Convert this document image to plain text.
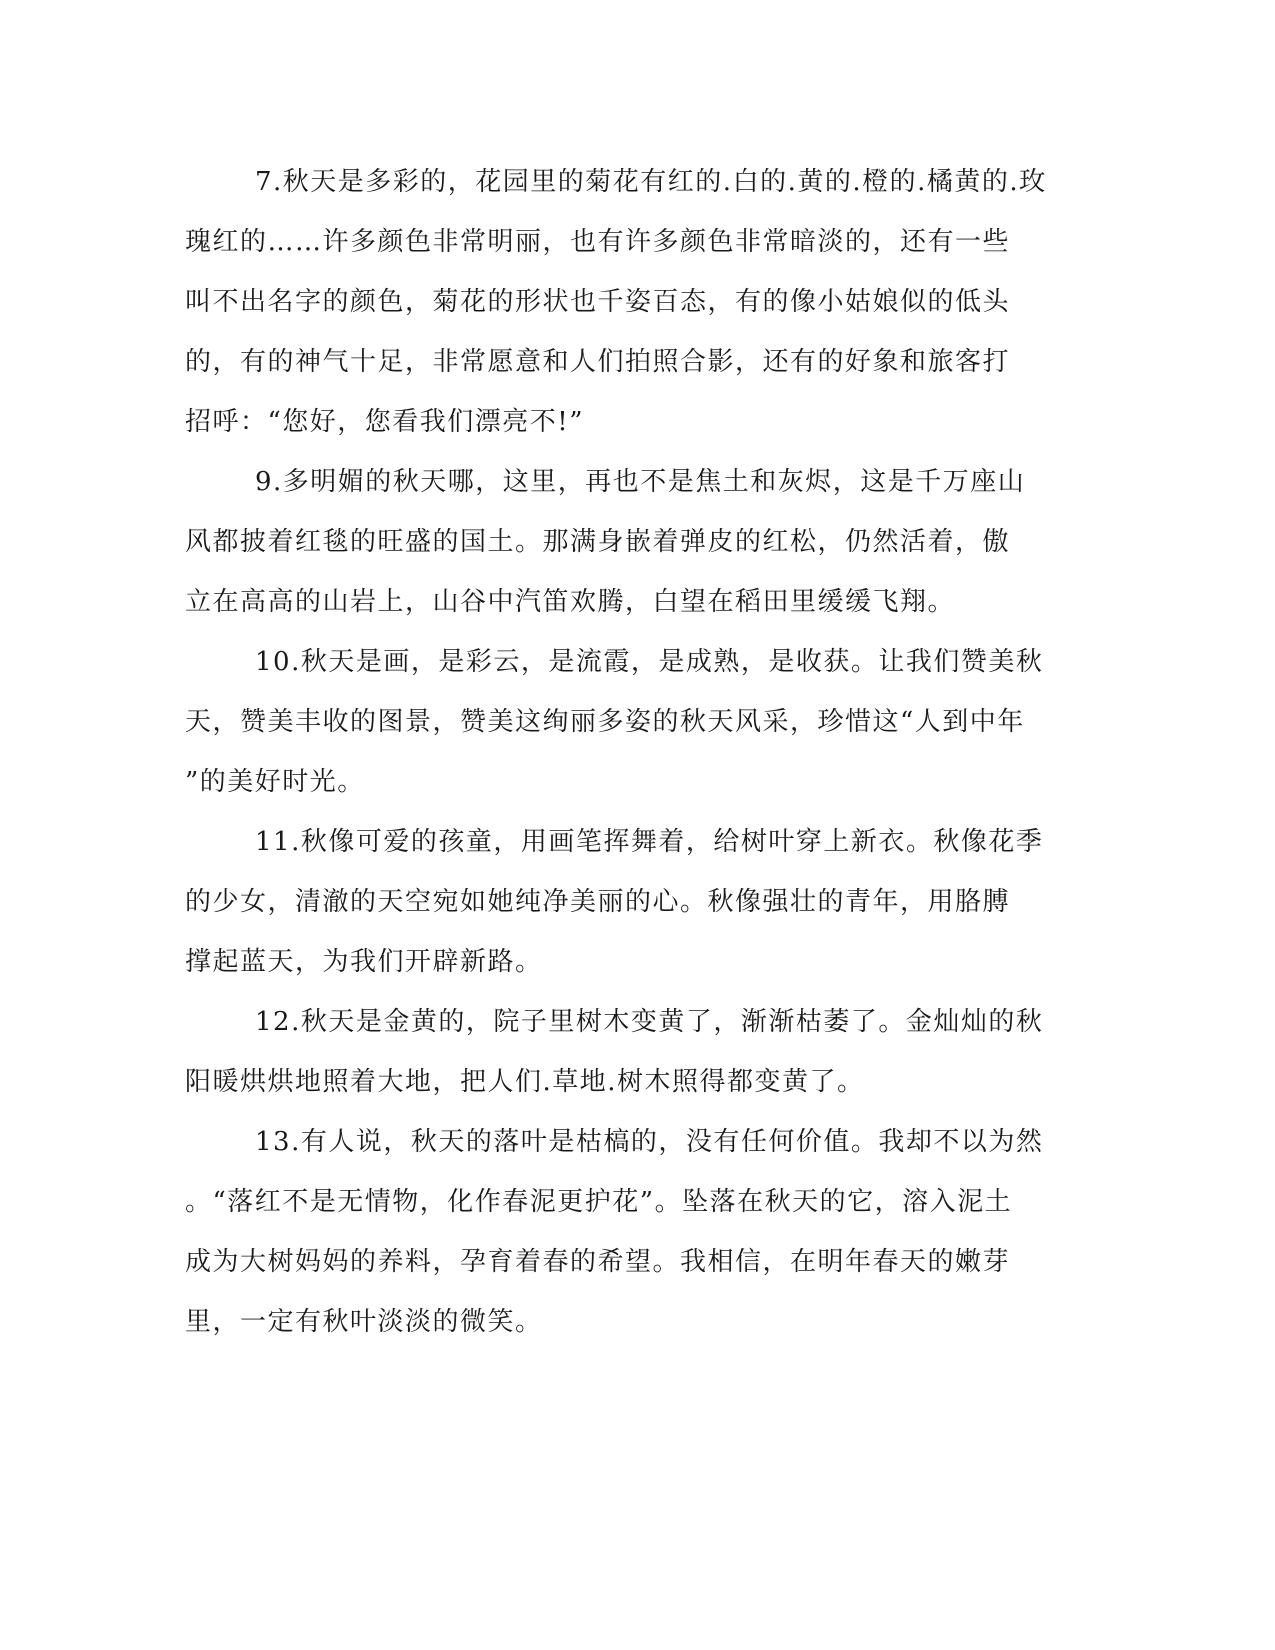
7.秋天是多彩的，花园里的菊花有红的.白的.黄的.橙的.橘黄的.玫
瑰红的……许多颜色非常明丽，也有许多颜色非常暗淡的，还有一些
叫不出名字的颜色，菊花的形状也千姿百态，有的像小姑娘似的低头
的，有的神气十足，非常愿意和人们拍照合影，还有的好象和旅客打
招呼：“您好，您看我们漂亮不!”
9.多明媚的秋天哪，这里，再也不是焦土和灰烬，这是千万座山
风都披着红毯的旺盛的国土。那满身嵌着弹皮的红松，仍然活着，傲
立在高高的山岩上，山谷中汽笛欢腾，白望在稻田里缓缓飞翔。
10.秋天是画，是彩云，是流霞，是成熟，是收获。让我们赞美秋
天，赞美丰收的图景，赞美这绚丽多姿的秋天风采，珍惜这“人到中年
”的美好时光。
11.秋像可爱的孩童，用画笔挥舞着，给树叶穿上新衣。秋像花季
的少女，清澈的天空宛如她纯净美丽的心。秋像强壮的青年，用胳膊
撑起蓝天，为我们开辟新路。
12.秋天是金黄的，院子里树木变黄了，渐渐枯萎了。金灿灿的秋
阳暖烘烘地照着大地，把人们.草地.树木照得都变黄了。
13.有人说，秋天的落叶是枯槁的，没有任何价值。我却不以为然
。“落红不是无情物，化作春泥更护花”。坠落在秋天的它，溶入泥土
成为大树妈妈的养料，孕育着春的希望。我相信，在明年春天的嫩芽
里，一定有秋叶淡淡的微笑。
